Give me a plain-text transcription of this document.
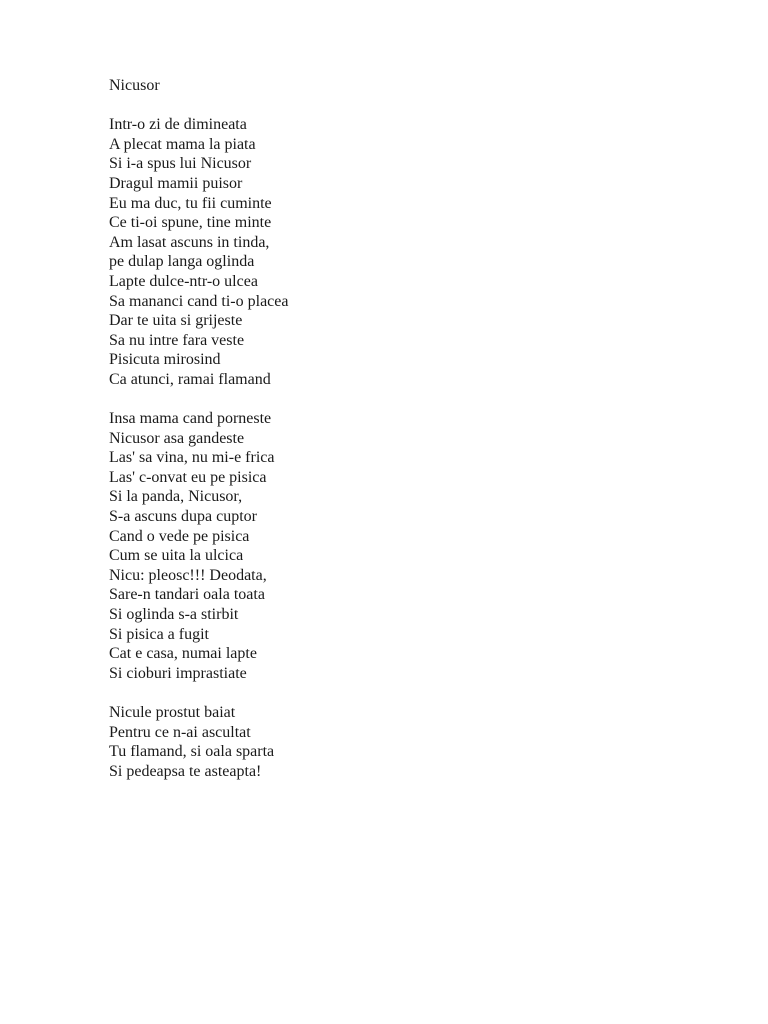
Nicusor
Intr-o zi de dimineata
A plecat mama la piata
Si i-a spus lui Nicusor
Dragul mamii puisor
Eu ma duc, tu fii cuminte
Ce ti-oi spune, tine minte
Am lasat ascuns in tinda,
pe dulap langa oglinda
Lapte dulce-ntr-o ulcea
Sa mananci cand ti-o placea
Dar te uita si grijeste
Sa nu intre fara veste
Pisicuta mirosind
Ca atunci, ramai flamand
Insa mama cand porneste
Nicusor asa gandeste
Las' sa vina, nu mi-e frica
Las' c-onvat eu pe pisica
Si la panda, Nicusor,
S-a ascuns dupa cuptor
Cand o vede pe pisica
Cum se uita la ulcica
Nicu: pleosc!!! Deodata,
Sare-n tandari oala toata
Si oglinda s-a stirbit
Si pisica a fugit
Cat e casa, numai lapte
Si cioburi imprastiate
Nicule prostut baiat
Pentru ce n-ai ascultat
Tu flamand, si oala sparta
Si pedeapsa te asteapta!
